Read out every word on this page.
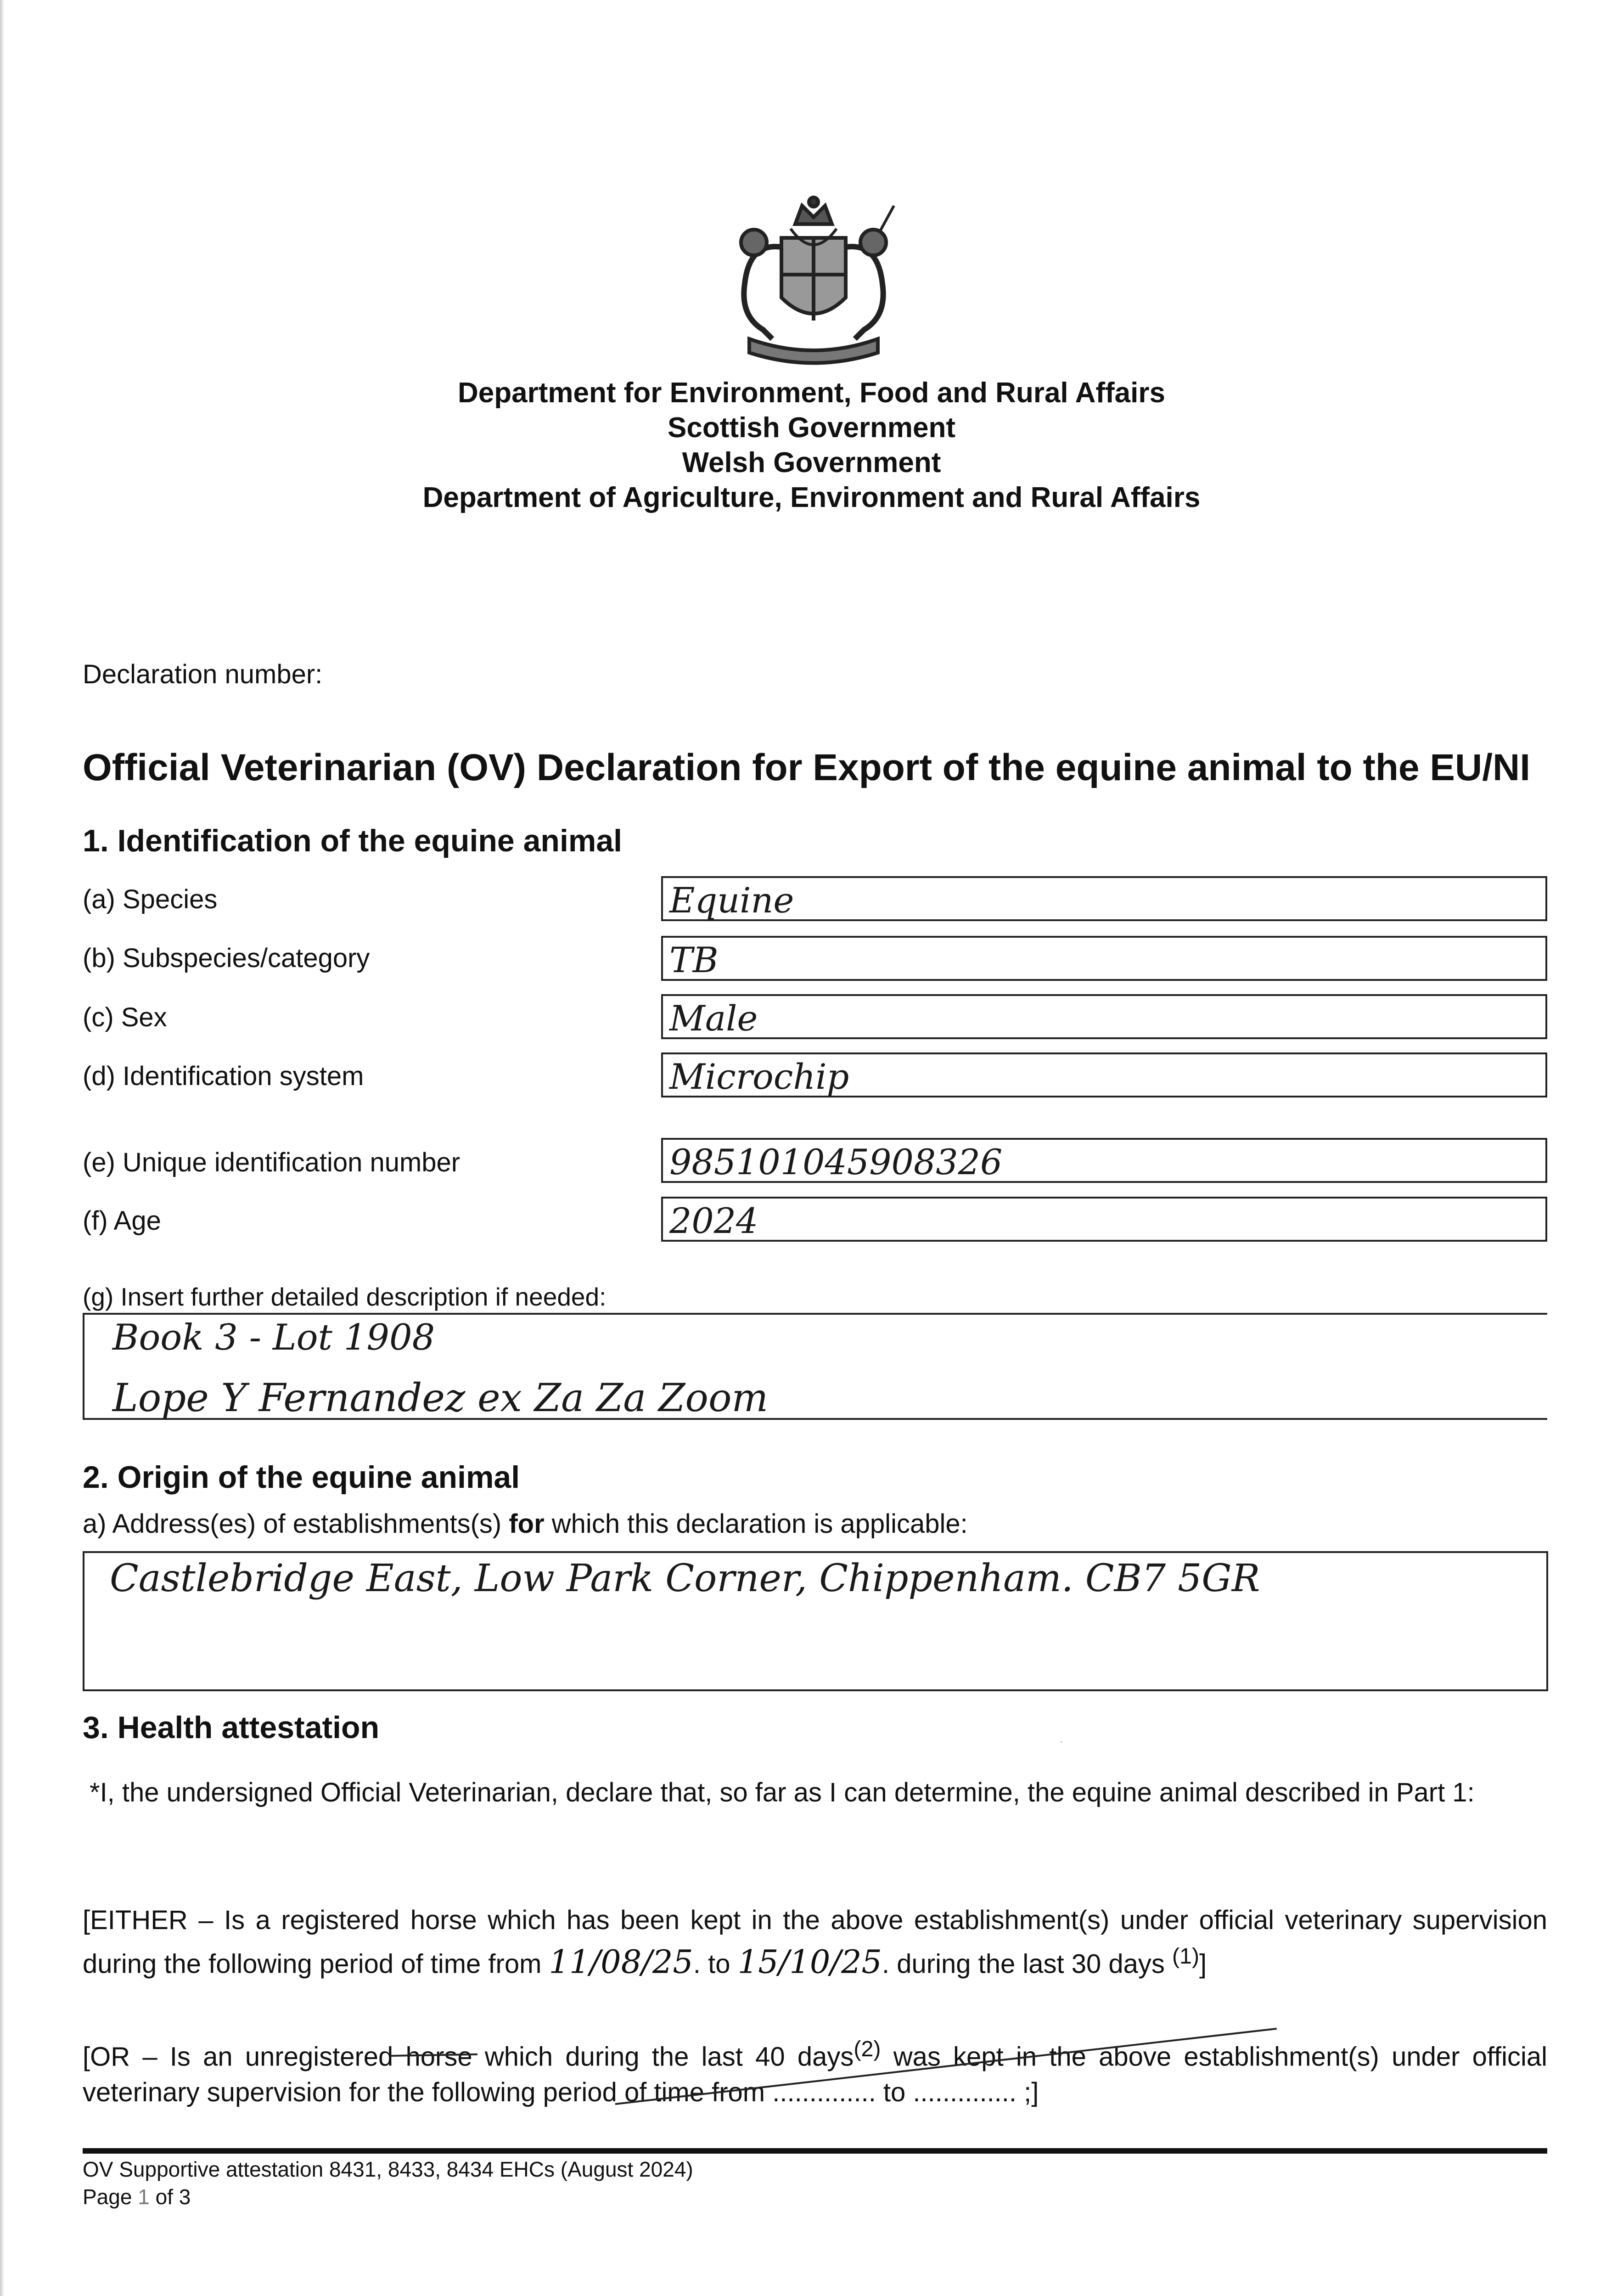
Department for Environment, Food and Rural Affairs
Scottish Government
Welsh Government
Department of Agriculture, Environment and Rural Affairs
Declaration number:
Official Veterinarian (OV) Declaration for Export of the equine animal to the EU/NI
1. Identification of the equine animal
(a) Species	Equine
(b) Subspecies/category	TB
(c) Sex	Male
(d) Identification system	Microchip
(e) Unique identification number	985101045908326
(f) Age	2024
(g) Insert further detailed description if needed:
Book 3 - Lot 1908
Lope Y Fernandez ex Za Za Zoom
2. Origin of the equine animal
a) Address(es) of establishments(s) for which this declaration is applicable:
Castlebridge East, Low Park Corner, Chippenham. CB7 5GR
3. Health attestation
*I, the undersigned Official Veterinarian, declare that, so far as I can determine, the equine animal described in Part 1:
[EITHER – Is a registered horse which has been kept in the above establishment(s) under official veterinary supervision during the following period of time from 11/08/25. to 15/10/25. during the last 30 days $^{(1)}$]
[OR – Is an unregistered horse which during the last 40 days$^{(2)}$ was kept in the above establishment(s) under official veterinary supervision for the following period of time from .............. to .............. ;]
OV Supportive attestation 8431, 8433, 8434 EHCs (August 2024)
Page 1 of 3
